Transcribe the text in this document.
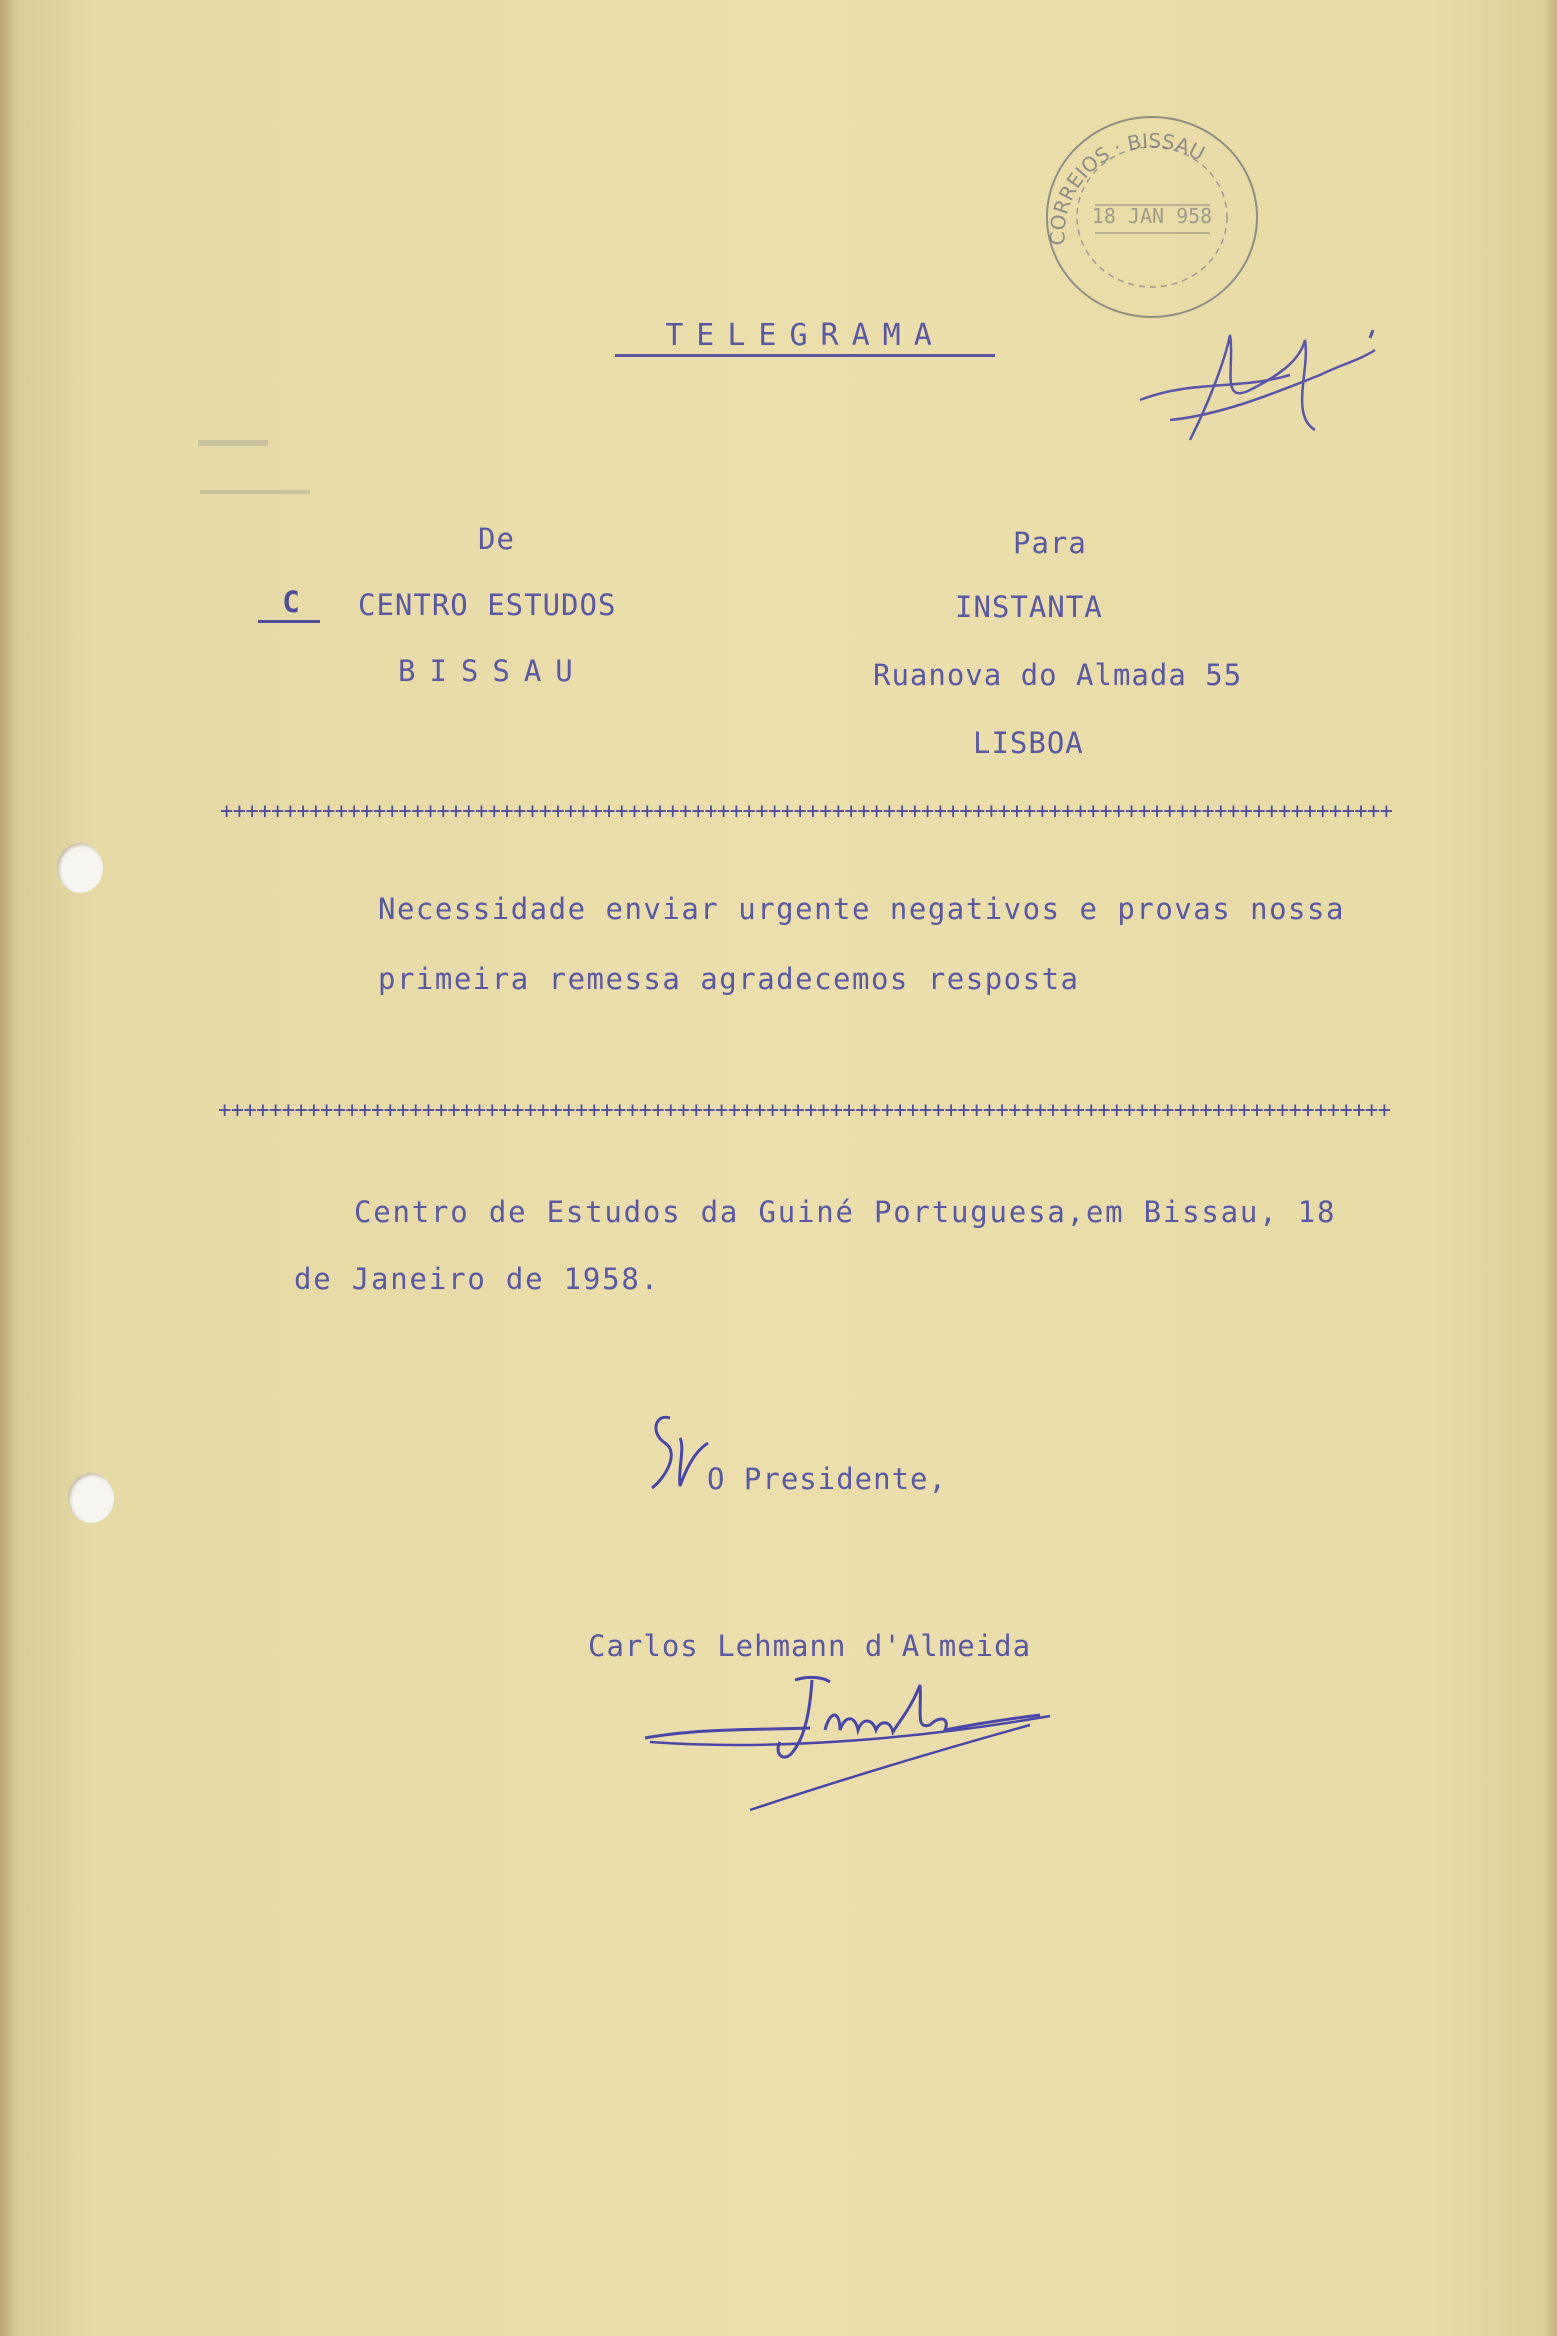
CORREIOS · BISSAU
18 JAN 958
TELEGRAMA
De
C	CENTRO ESTUDOS
BISSAU
Para
INSTANTA
Ruanova do Almada 55
LISBOA
++++++++++++++++++++++++++++++++++++++++++++++++++++++++++++++++++++++++++++++++++++++++++++
Necessidade enviar urgente negativos e provas nossa
primeira remessa agradecemos resposta
++++++++++++++++++++++++++++++++++++++++++++++++++++++++++++++++++++++++++++++++++++++++++++
Centro de Estudos da Guiné Portuguesa,em Bissau, 18
de Janeiro de 1958.
O Presidente,
Carlos Lehmann d'Almeida
